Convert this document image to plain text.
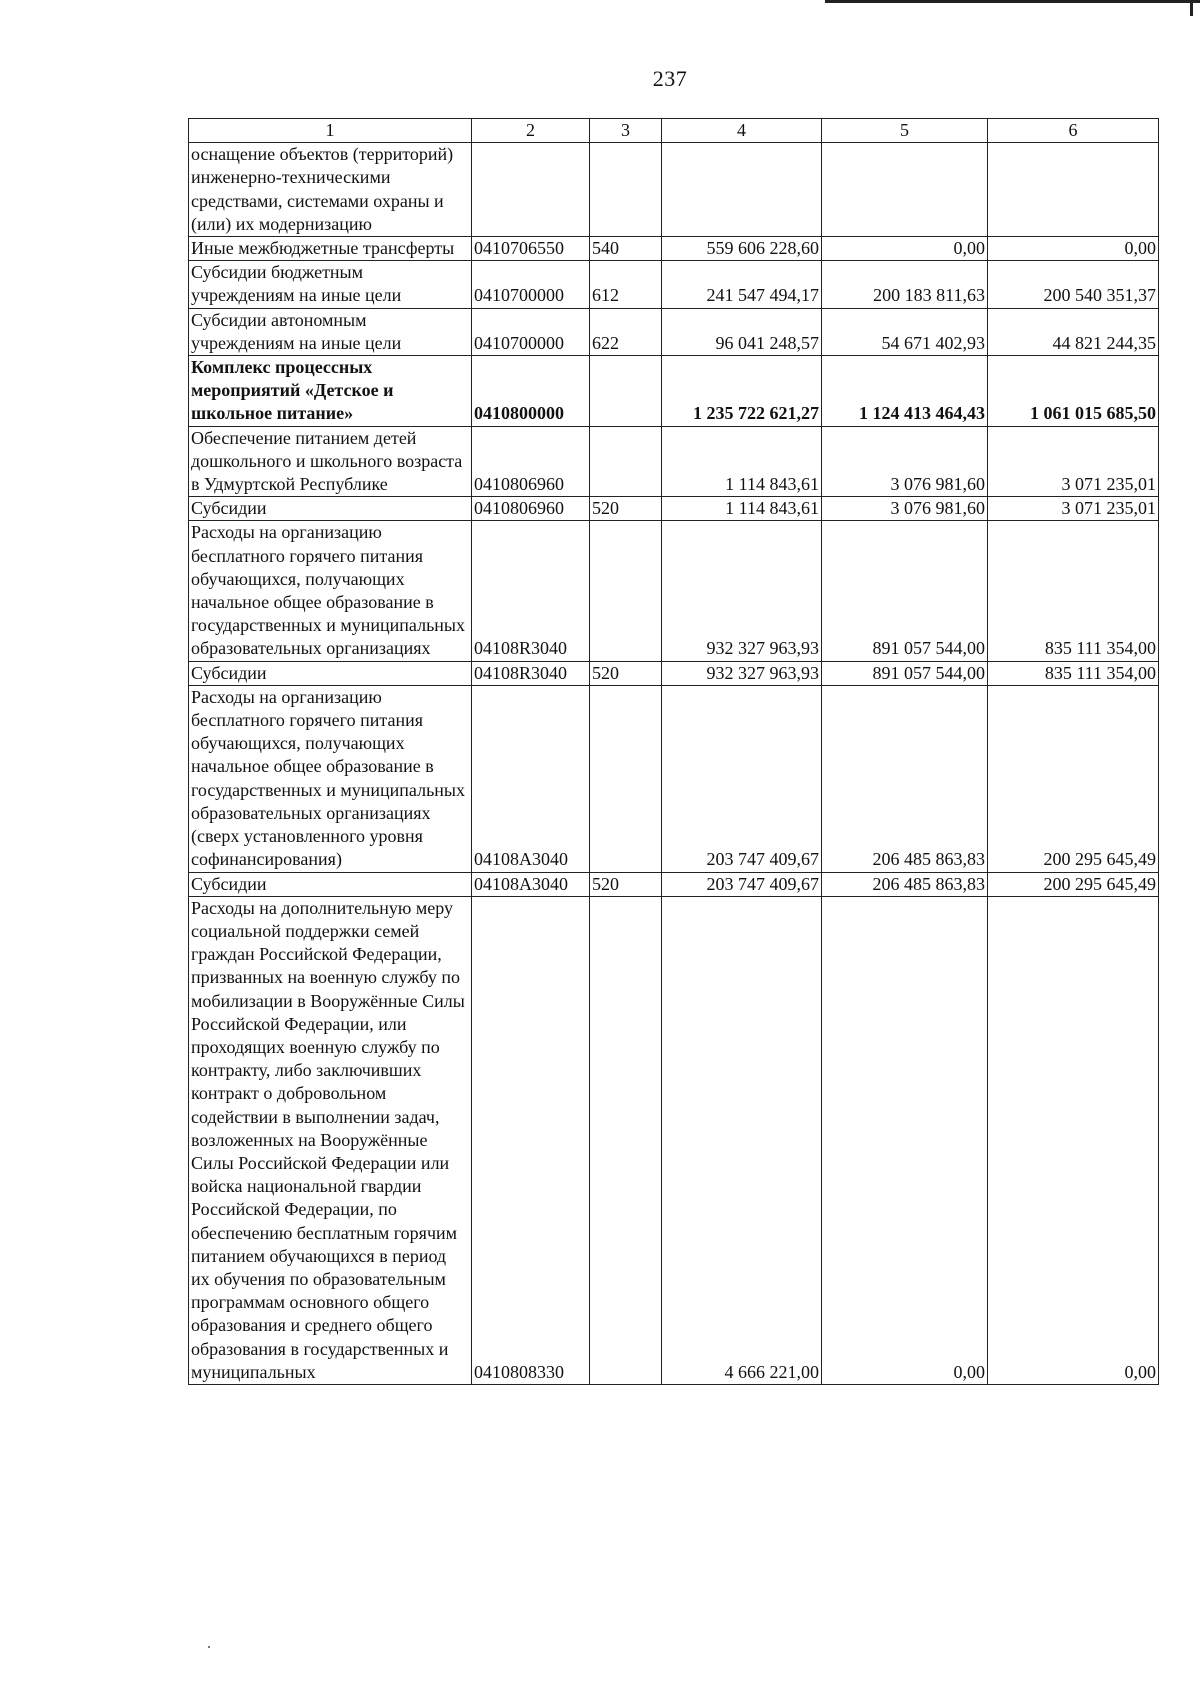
237
1	2	3	4	5	6
оснащение объектов (территорий) инженерно-техническими средствами, системами охраны и (или) их модернизацию					
Иные межбюджетные трансферты	0410706550	540	559 606 228,60	0,00	0,00
Субсидии бюджетным учреждениям на иные цели	0410700000	612	241 547 494,17	200 183 811,63	200 540 351,37
Субсидии автономным учреждениям на иные цели	0410700000	622	96 041 248,57	54 671 402,93	44 821 244,35
Комплекс процессных мероприятий «Детское и школьное питание»	0410800000		1 235 722 621,27	1 124 413 464,43	1 061 015 685,50
Обеспечение питанием детей дошкольного и школьного возраста в Удмуртской Республике	0410806960		1 114 843,61	3 076 981,60	3 071 235,01
Субсидии	0410806960	520	1 114 843,61	3 076 981,60	3 071 235,01
Расходы на организацию бесплатного горячего питания обучающихся, получающих начальное общее образование в государственных и муниципальных образовательных организациях	04108R3040		932 327 963,93	891 057 544,00	835 111 354,00
Субсидии	04108R3040	520	932 327 963,93	891 057 544,00	835 111 354,00
Расходы на организацию бесплатного горячего питания обучающихся, получающих начальное общее образование в государственных и муниципальных образовательных организациях (сверх установленного уровня софинансирования)	04108А3040		203 747 409,67	206 485 863,83	200 295 645,49
Субсидии	04108А3040	520	203 747 409,67	206 485 863,83	200 295 645,49
Расходы на дополнительную меру социальной поддержки семей граждан Российской Федерации, призванных на военную службу по мобилизации в Вооружённые Силы Российской Федерации, или проходящих военную службу по контракту, либо заключивших контракт о добровольном содействии в выполнении задач, возложенных на Вооружённые Силы Российской Федерации или войска национальной гвардии Российской Федерации, по обеспечению бесплатным горячим питанием обучающихся в период их обучения по образовательным программам основного общего образования и среднего общего образования в государственных и муниципальных	0410808330		4 666 221,00	0,00	0,00
